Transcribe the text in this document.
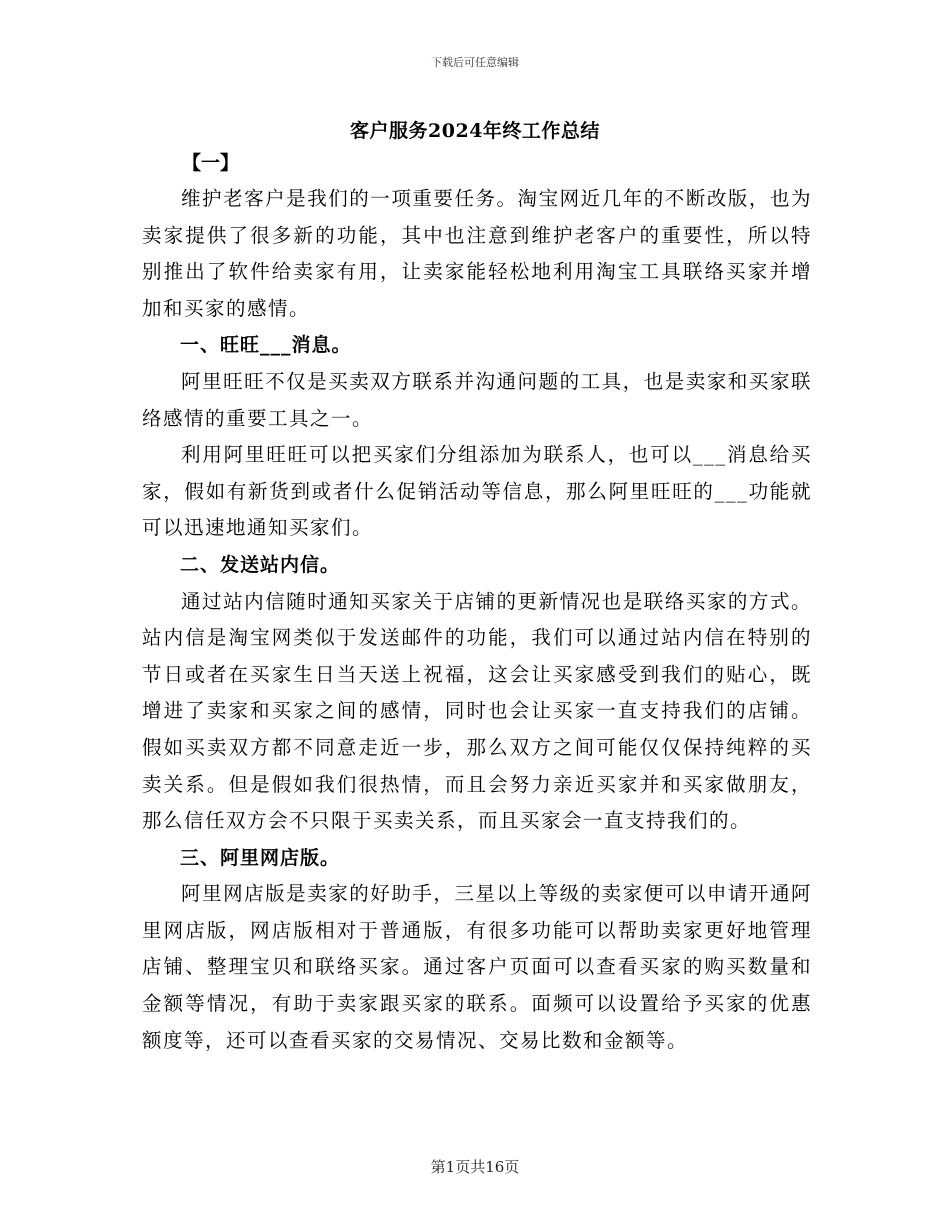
下载后可任意编辑
客户服务2024年终工作总结
【一】

维护老客户是我们的一项重要任务。淘宝网近几年的不断改版，也为卖家提供了很多新的功能，其中也注意到维护老客户的重要性，所以特别推出了软件给卖家有用，让卖家能轻松地利用淘宝工具联络买家并增加和买家的感情。

一、旺旺___消息。

阿里旺旺不仅是买卖双方联系并沟通问题的工具，也是卖家和买家联络感情的重要工具之一。

利用阿里旺旺可以把买家们分组添加为联系人，也可以___消息给买家，假如有新货到或者什么促销活动等信息，那么阿里旺旺的___功能就可以迅速地通知买家们。

二、发送站内信。

通过站内信随时通知买家关于店铺的更新情况也是联络买家的方式。站内信是淘宝网类似于发送邮件的功能，我们可以通过站内信在特别的节日或者在买家生日当天送上祝福，这会让买家感受到我们的贴心，既增进了卖家和买家之间的感情，同时也会让买家一直支持我们的店铺。假如买卖双方都不同意走近一步，那么双方之间可能仅仅保持纯粹的买卖关系。但是假如我们很热情，而且会努力亲近买家并和买家做朋友，那么信任双方会不只限于买卖关系，而且买家会一直支持我们的。

三、阿里网店版。

阿里网店版是卖家的好助手，三星以上等级的卖家便可以申请开通阿里网店版，网店版相对于普通版，有很多功能可以帮助卖家更好地管理店铺、整理宝贝和联络买家。通过客户页面可以查看买家的购买数量和金额等情况，有助于卖家跟买家的联系。面频可以设置给予买家的优惠额度等，还可以查看买家的交易情况、交易比数和金额等。

第1页共16页
